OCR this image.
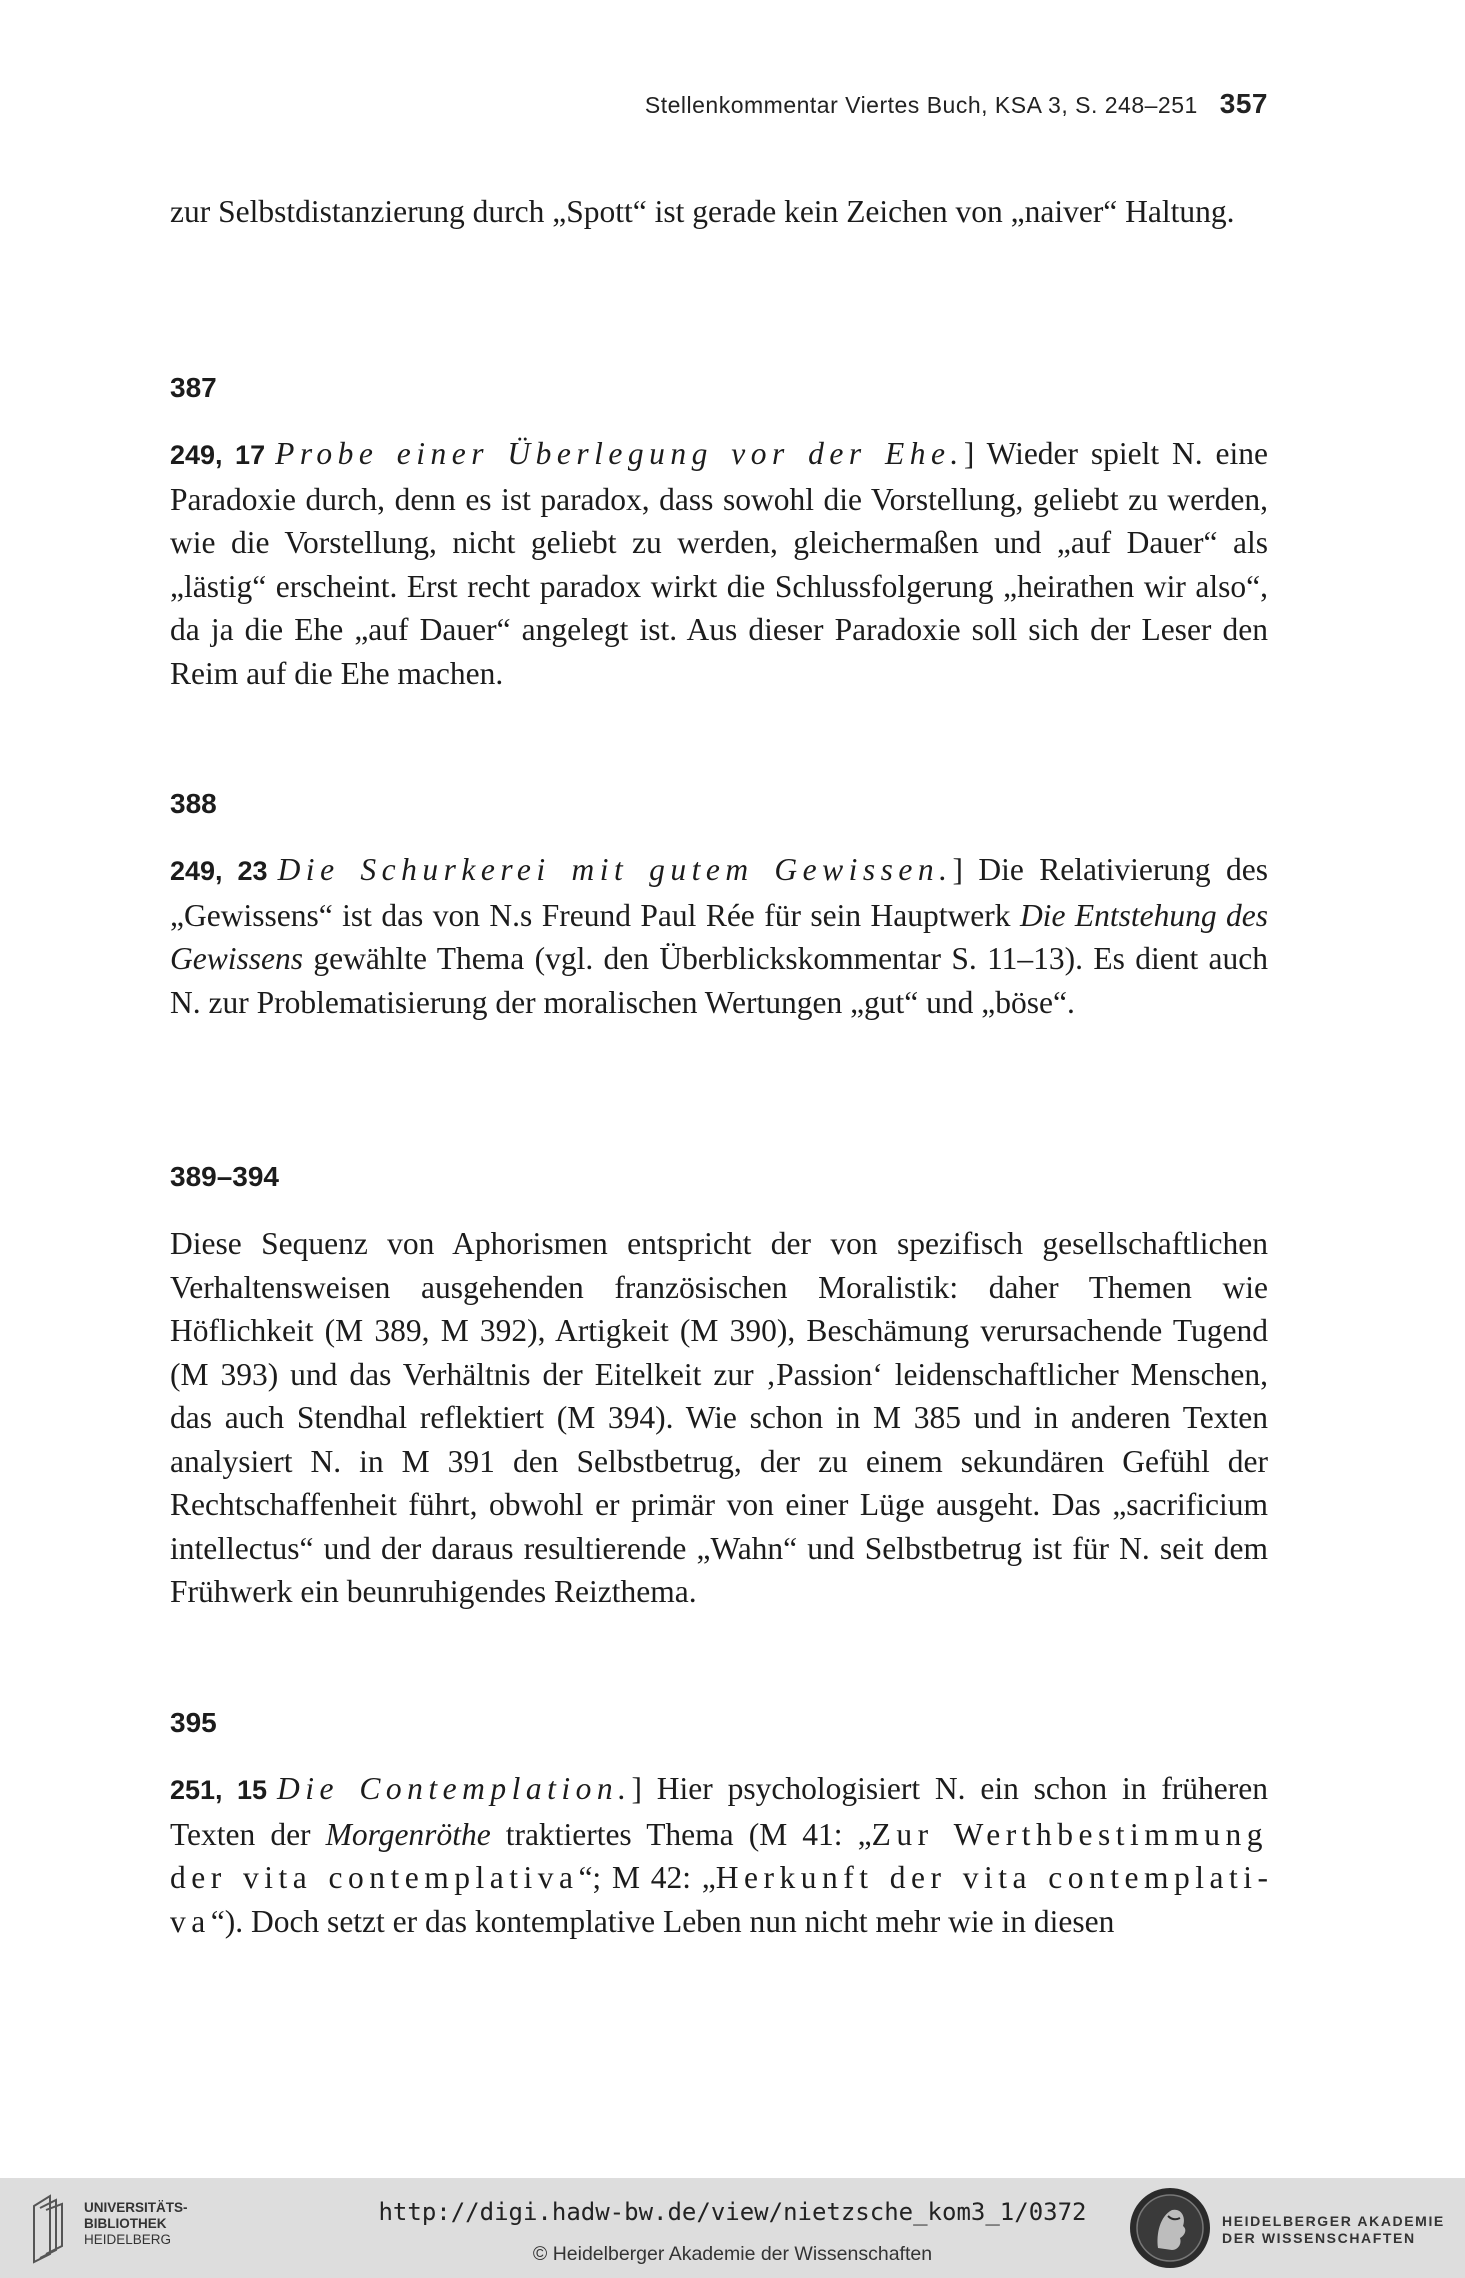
Stellenkommentar Viertes Buch, KSA 3, S. 248–251 357

zur Selbstdistanzierung durch „Spott“ ist gerade kein Zeichen von „naiver“ Haltung.

387

249, 17 Probe einer Überlegung vor der Ehe.] Wieder spielt N. eine Paradoxie durch, denn es ist paradox, dass sowohl die Vorstellung, geliebt zu werden, wie die Vorstellung, nicht geliebt zu werden, gleichermaßen und „auf Dauer“ als „lästig“ erscheint. Erst recht paradox wirkt die Schlussfolgerung „heirathen wir also“, da ja die Ehe „auf Dauer“ angelegt ist. Aus dieser Paradoxie soll sich der Leser den Reim auf die Ehe machen.

388

249, 23 Die Schurkerei mit gutem Gewissen.] Die Relativierung des „Gewissens“ ist das von N.s Freund Paul Rée für sein Hauptwerk Die Entstehung des Gewissens gewählte Thema (vgl. den Überblickskommentar S. 11–13). Es dient auch N. zur Problematisierung der moralischen Wertungen „gut“ und „böse“.

389–394

Diese Sequenz von Aphorismen entspricht der von spezifisch gesellschaftlichen Verhaltensweisen ausgehenden französischen Moralistik: daher Themen wie Höflichkeit (M 389, M 392), Artigkeit (M 390), Beschämung verursachende Tugend (M 393) und das Verhältnis der Eitelkeit zur ‚Passion‘ leidenschaftlicher Menschen, das auch Stendhal reflektiert (M 394). Wie schon in M 385 und in anderen Texten analysiert N. in M 391 den Selbstbetrug, der zu einem sekundären Gefühl der Rechtschaffenheit führt, obwohl er primär von einer Lüge ausgeht. Das „sacrificium intellectus“ und der daraus resultierende „Wahn“ und Selbstbetrug ist für N. seit dem Frühwerk ein beunruhigendes Reizthema.

395

251, 15 Die Contemplation.] Hier psychologisiert N. ein schon in früheren Texten der Morgenröthe traktiertes Thema (M 41: „Zur Werthbestimmung der vita contemplativa“; M 42: „Herkunft der vita contemplativa“). Doch setzt er das kontemplative Leben nun nicht mehr wie in diesen

UNIVERSITÄTS-
BIBLIOTHEK
HEIDELBERG
http://digi.hadw-bw.de/view/nietzsche_kom3_1/0372
© Heidelberger Akademie der Wissenschaften
HEIDELBERGER AKADEMIE
DER WISSENSCHAFTEN
